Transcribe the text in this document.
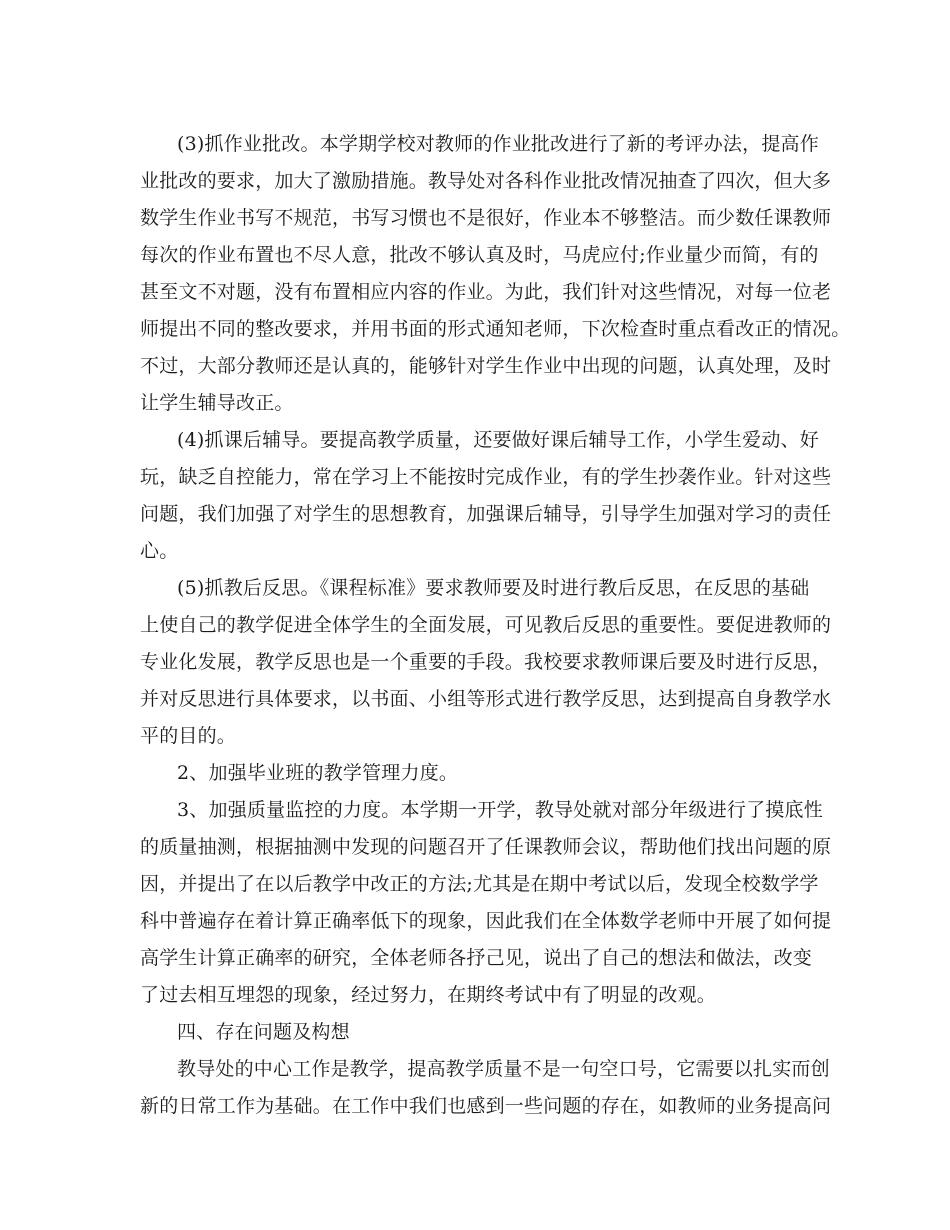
(3)抓作业批改。本学期学校对教师的作业批改进行了新的考评办法，提高作
业批改的要求，加大了激励措施。教导处对各科作业批改情况抽查了四次，但大多
数学生作业书写不规范，书写习惯也不是很好，作业本不够整洁。而少数任课教师
每次的作业布置也不尽人意，批改不够认真及时，马虎应付;作业量少而简，有的
甚至文不对题，没有布置相应内容的作业。为此，我们针对这些情况，对每一位老
师提出不同的整改要求，并用书面的形式通知老师，下次检查时重点看改正的情况。
不过，大部分教师还是认真的，能够针对学生作业中出现的问题，认真处理，及时
让学生辅导改正。
(4)抓课后辅导。要提高教学质量，还要做好课后辅导工作，小学生爱动、好
玩，缺乏自控能力，常在学习上不能按时完成作业，有的学生抄袭作业。针对这些
问题，我们加强了对学生的思想教育，加强课后辅导，引导学生加强对学习的责任
心。
(5)抓教后反思。《课程标准》要求教师要及时进行教后反思，在反思的基础
上使自己的教学促进全体学生的全面发展，可见教后反思的重要性。要促进教师的
专业化发展，教学反思也是一个重要的手段。我校要求教师课后要及时进行反思，
并对反思进行具体要求，以书面、小组等形式进行教学反思，达到提高自身教学水
平的目的。
2、加强毕业班的教学管理力度。
3、加强质量监控的力度。本学期一开学，教导处就对部分年级进行了摸底性
的质量抽测，根据抽测中发现的问题召开了任课教师会议，帮助他们找出问题的原
因，并提出了在以后教学中改正的方法;尤其是在期中考试以后，发现全校数学学
科中普遍存在着计算正确率低下的现象，因此我们在全体数学老师中开展了如何提
高学生计算正确率的研究，全体老师各抒己见，说出了自己的想法和做法，改变
了过去相互埋怨的现象，经过努力，在期终考试中有了明显的改观。
四、存在问题及构想
教导处的中心工作是教学，提高教学质量不是一句空口号，它需要以扎实而创
新的日常工作为基础。在工作中我们也感到一些问题的存在，如教师的业务提高问
